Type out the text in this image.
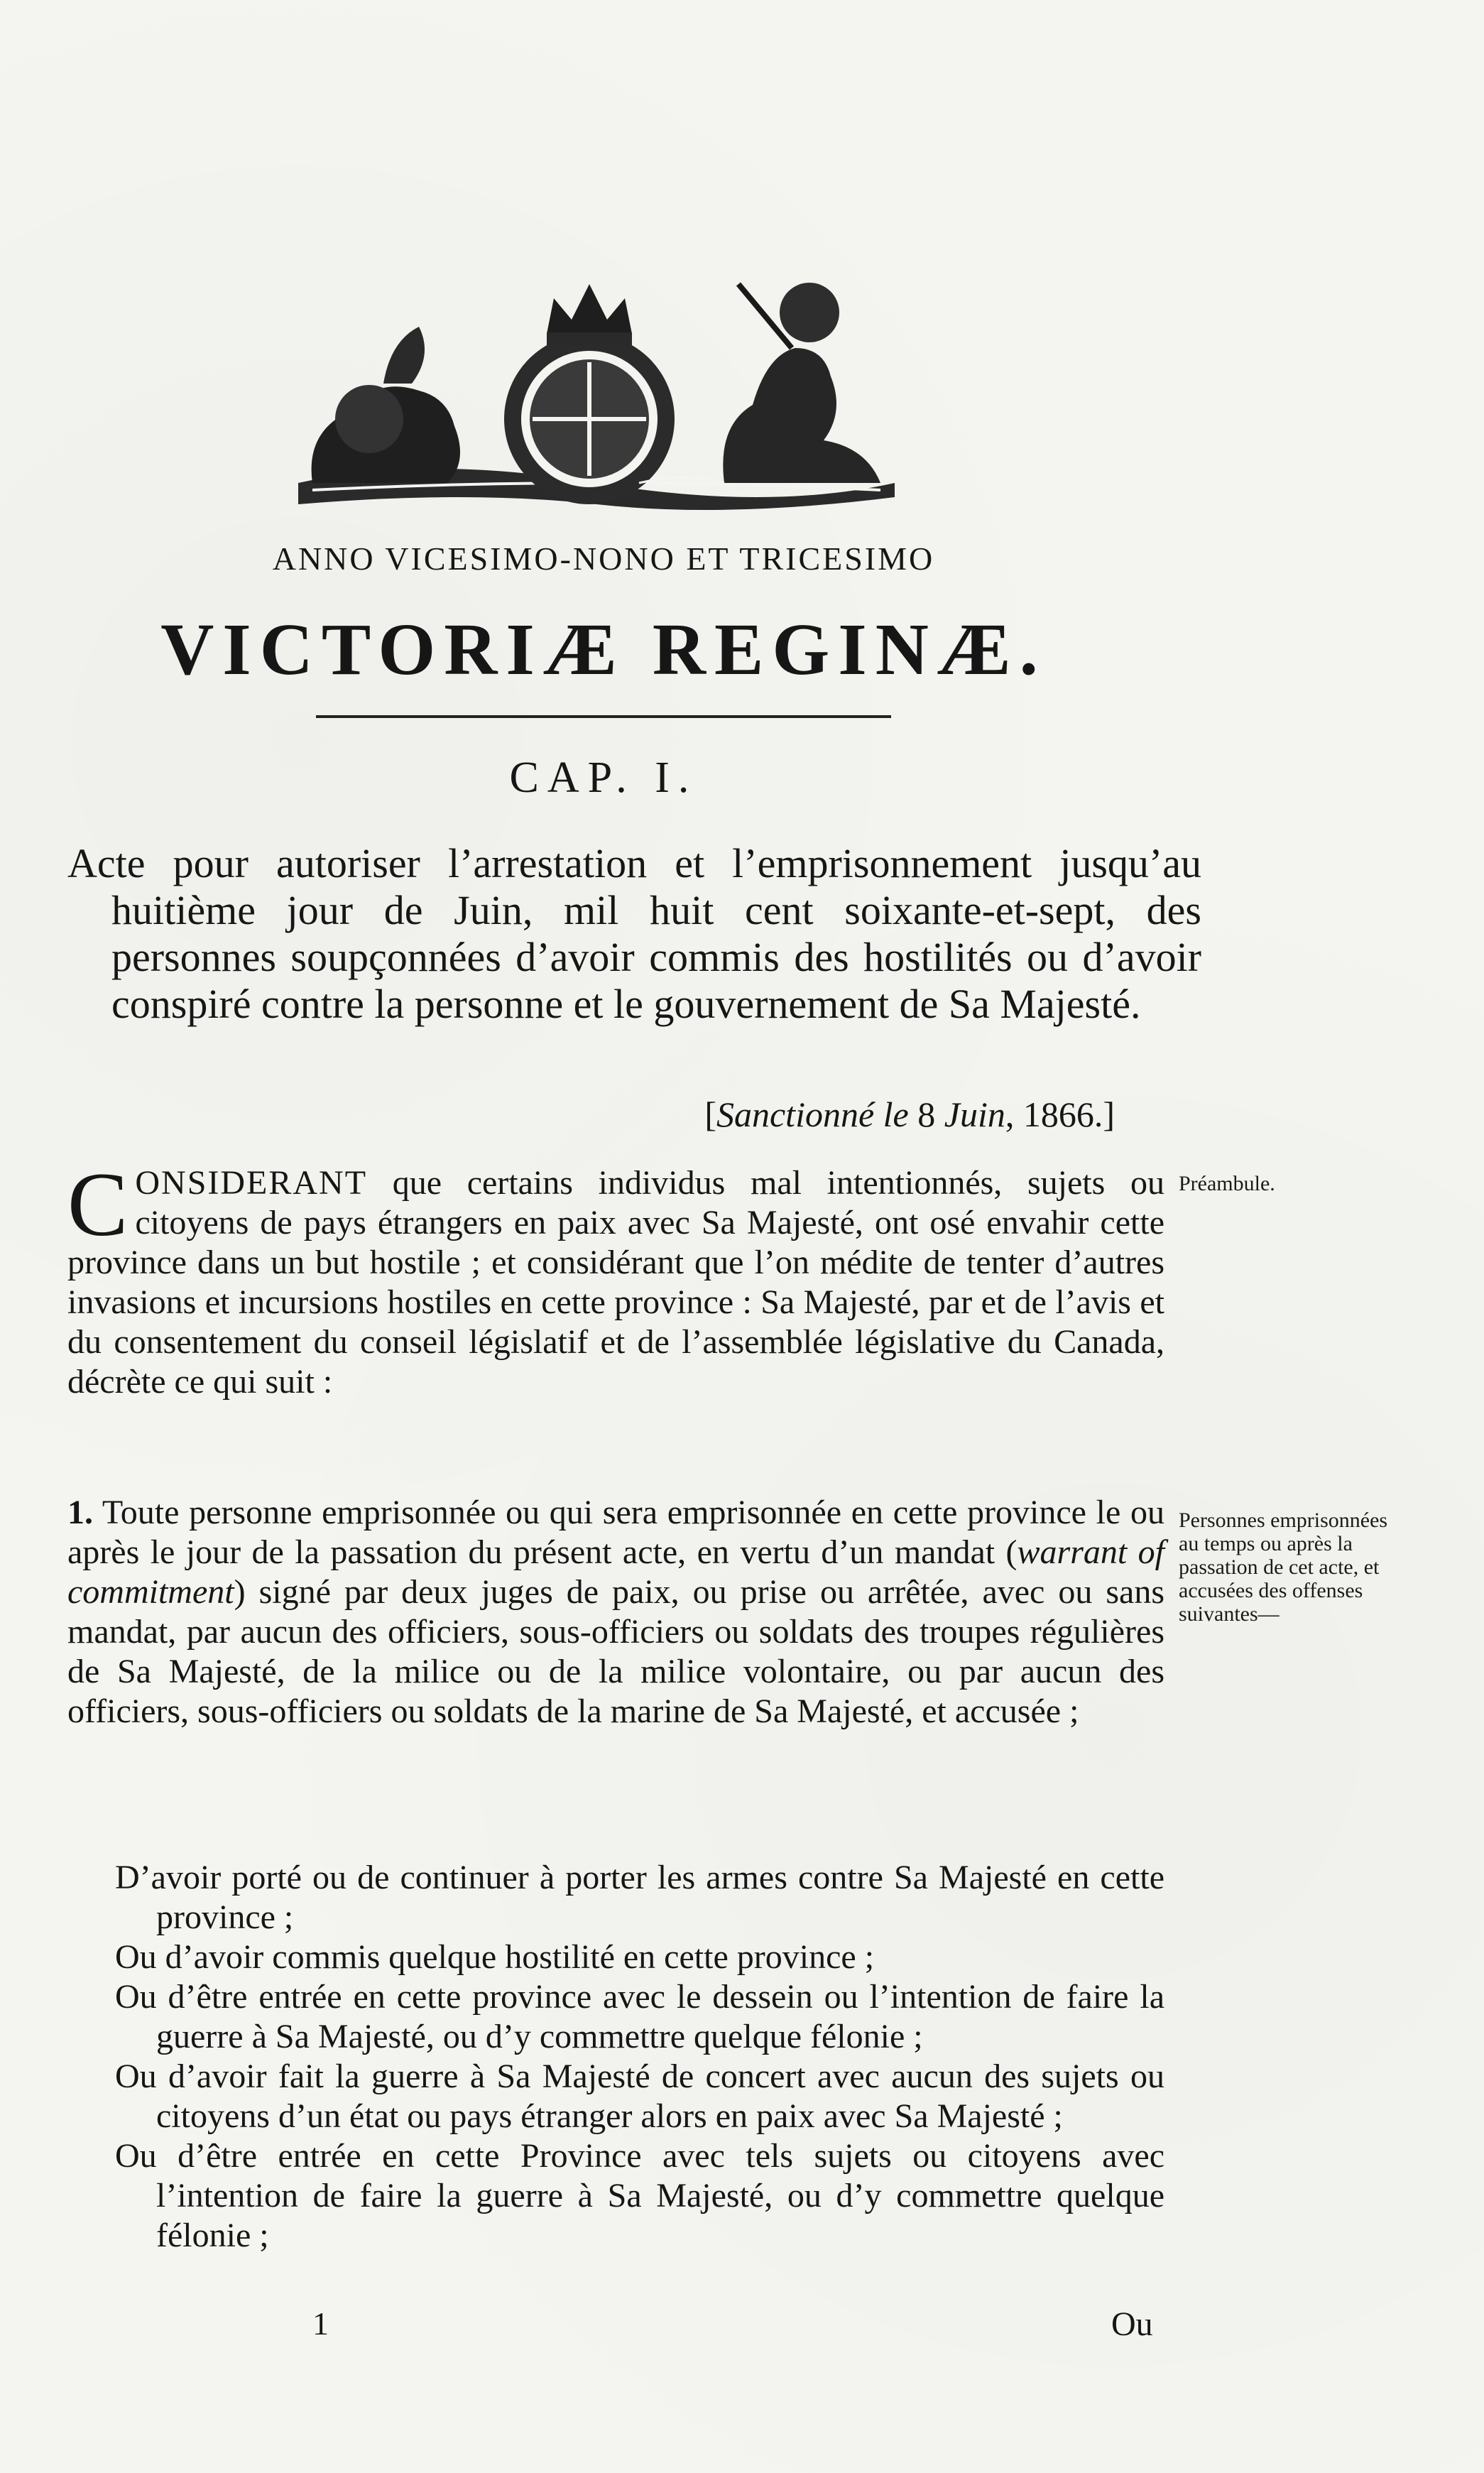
ANNO VICESIMO-NONO ET TRICESIMO
VICTORIÆ REGINÆ.
CAP. I.
Acte pour autoriser l’arrestation et l’emprisonnement jusqu’au huitième jour de Juin, mil huit cent soixante-et-sept, des personnes soupçonnées d’avoir commis des hostilités ou d’avoir conspiré contre la personne et le gouvernement de Sa Majesté.
[Sanctionné le 8 Juin, 1866.]
CONSIDERANT que certains individus mal intentionnés, sujets ou citoyens de pays étrangers en paix avec Sa Majesté, ont osé envahir cette province dans un but hostile ; et considérant que l’on médite de tenter d’autres invasions et incursions hostiles en cette province : Sa Majesté, par et de l’avis et du consentement du conseil législatif et de l’assemblée législative du Canada, décrète ce qui suit :
Préambule.
1. Toute personne emprisonnée ou qui sera emprisonnée en cette province le ou après le jour de la passation du présent acte, en vertu d’un mandat (warrant of commitment) signé par deux juges de paix, ou prise ou arrêtée, avec ou sans mandat, par aucun des officiers, sous-officiers ou soldats des troupes régulières de Sa Majesté, de la milice ou de la milice volontaire, ou par aucun des officiers, sous-officiers ou soldats de la marine de Sa Majesté, et accusée ;
Personnes emprisonnées au temps ou après la passation de cet acte, et accusées des offenses suivantes—

D’avoir porté ou de continuer à porter les armes contre Sa Majesté en cette province ;

Ou d’avoir commis quelque hostilité en cette province ;

Ou d’être entrée en cette province avec le dessein ou l’intention de faire la guerre à Sa Majesté, ou d’y commettre quelque félonie ;

Ou d’avoir fait la guerre à Sa Majesté de concert avec aucun des sujets ou citoyens d’un état ou pays étranger alors en paix avec Sa Majesté ;

Ou d’être entrée en cette Province avec tels sujets ou citoyens avec l’intention de faire la guerre à Sa Majesté, ou d’y commettre quelque félonie ;

1	Ou
